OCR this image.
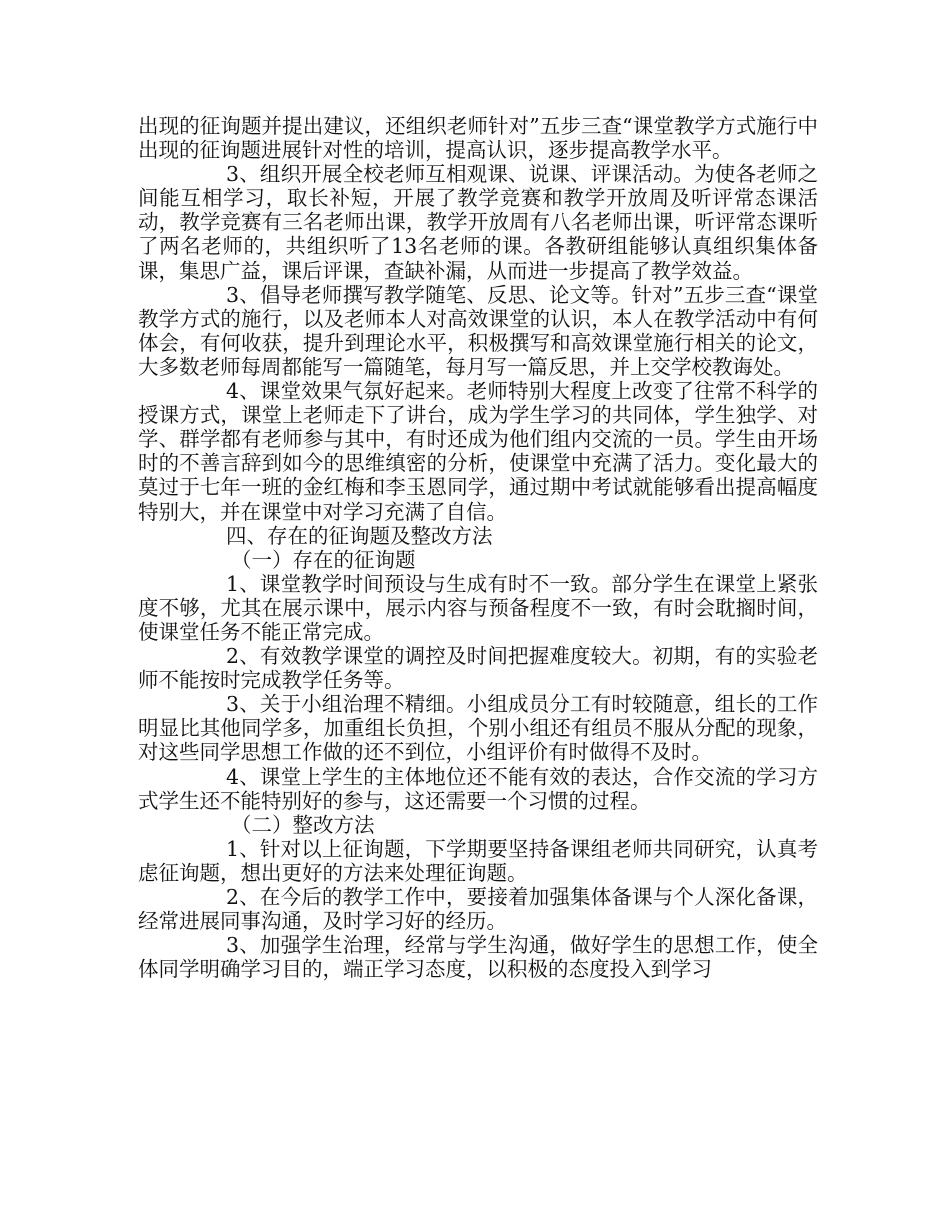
出现的征询题并提出建议，还组织老师针对”五步三查“课堂教学方式施行中出现的征询题进展针对性的培训，提高认识，逐步提高教学水平。

3、组织开展全校老师互相观课、说课、评课活动。为使各老师之间能互相学习，取长补短，开展了教学竞赛和教学开放周及听评常态课活动，教学竞赛有三名老师出课，教学开放周有八名老师出课，听评常态课听了两名老师的，共组织听了13名老师的课。各教研组能够认真组织集体备课，集思广益，课后评课，查缺补漏，从而进一步提高了教学效益。

3、倡导老师撰写教学随笔、反思、论文等。针对”五步三查“课堂教学方式的施行，以及老师本人对高效课堂的认识，本人在教学活动中有何体会，有何收获，提升到理论水平，积极撰写和高效课堂施行相关的论文，大多数老师每周都能写一篇随笔，每月写一篇反思，并上交学校教诲处。

4、课堂效果气氛好起来。老师特别大程度上改变了往常不科学的授课方式，课堂上老师走下了讲台，成为学生学习的共同体，学生独学、对学、群学都有老师参与其中，有时还成为他们组内交流的一员。学生由开场时的不善言辞到如今的思维缜密的分析，使课堂中充满了活力。变化最大的莫过于七年一班的金红梅和李玉恩同学，通过期中考试就能够看出提高幅度特别大，并在课堂中对学习充满了自信。

四、存在的征询题及整改方法

（一）存在的征询题

1、课堂教学时间预设与生成有时不一致。部分学生在课堂上紧张度不够，尤其在展示课中，展示内容与预备程度不一致，有时会耽搁时间，使课堂任务不能正常完成。

2、有效教学课堂的调控及时间把握难度较大。初期，有的实验老师不能按时完成教学任务等。

3、关于小组治理不精细。小组成员分工有时较随意，组长的工作明显比其他同学多，加重组长负担，个别小组还有组员不服从分配的现象，对这些同学思想工作做的还不到位，小组评价有时做得不及时。

4、课堂上学生的主体地位还不能有效的表达，合作交流的学习方式学生还不能特别好的参与，这还需要一个习惯的过程。

（二）整改方法

1、针对以上征询题，下学期要坚持备课组老师共同研究，认真考虑征询题，想出更好的方法来处理征询题。

2、在今后的教学工作中，要接着加强集体备课与个人深化备课，经常进展同事沟通，及时学习好的经历。

3、加强学生治理，经常与学生沟通，做好学生的思想工作，使全体同学明确学习目的，端正学习态度，以积极的态度投入到学习
